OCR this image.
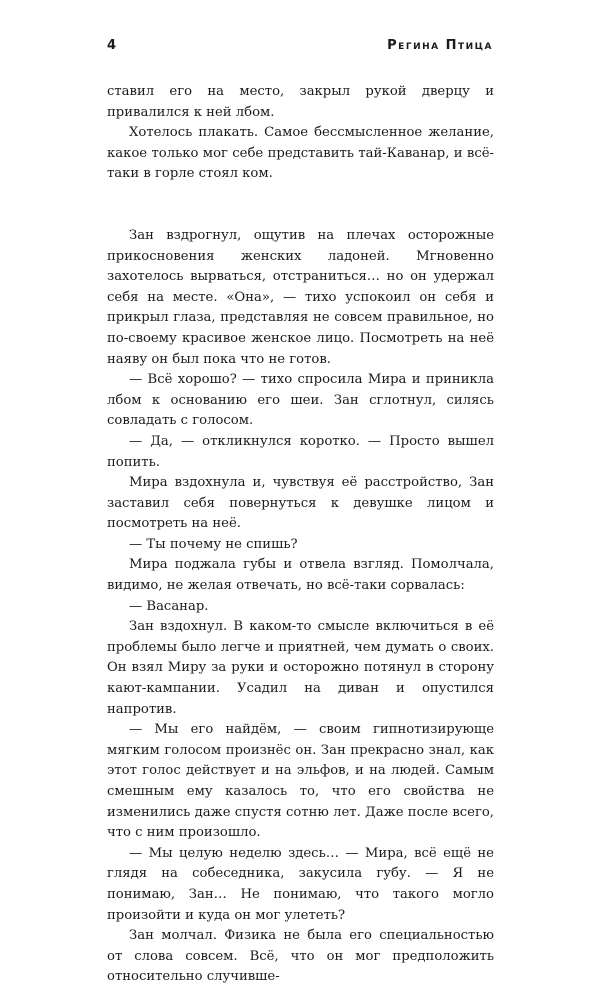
4	Регина Птица

ставил его на место, закрыл рукой дверцу и привалился к ней лбом.

Хотелось плакать. Самое бессмысленное желание, какое только мог себе представить тай-Каванар, и всё-таки в горле стоял ком.

Зан вздрогнул, ощутив на плечах осторожные прикосновения женских ладоней. Мгновенно захотелось вырваться, отстраниться… но он удержал себя на месте. «Она», — тихо успокоил он себя и прикрыл глаза, представляя не совсем правильное, но по-своему красивое женское лицо. Посмотреть на неё наяву он был пока что не готов.

— Всё хорошо? — тихо спросила Мира и приникла лбом к основанию его шеи. Зан сглотнул, силясь совладать с голосом.

— Да, — откликнулся коротко. — Просто вышел попить.

Мира вздохнула и, чувствуя её расстройство, Зан заставил себя повернуться к девушке лицом и посмотреть на неё.

— Ты почему не спишь?

Мира поджала губы и отвела взгляд. Помолчала, видимо, не желая отвечать, но всё-таки сорвалась:

— Васанар.

Зан вздохнул. В каком-то смысле включиться в её проблемы было легче и приятней, чем думать о своих. Он взял Миру за руки и осторожно потянул в сторону кают-кампании. Усадил на диван и опустился напротив.

— Мы его найдём, — своим гипнотизирующе мягким голосом произнёс он. Зан прекрасно знал, как этот голос действует и на эльфов, и на людей. Самым смешным ему казалось то, что его свойства не изменились даже спустя сотню лет. Даже после всего, что с ним произошло.

— Мы целую неделю здесь… — Мира, всё ещё не глядя на собеседника, закусила губу. — Я не понимаю, Зан… Не понимаю, что такого могло произойти и куда он мог улететь?

Зан молчал. Физика не была его специальностью от слова совсем. Всё, что он мог предположить относительно случивше-
